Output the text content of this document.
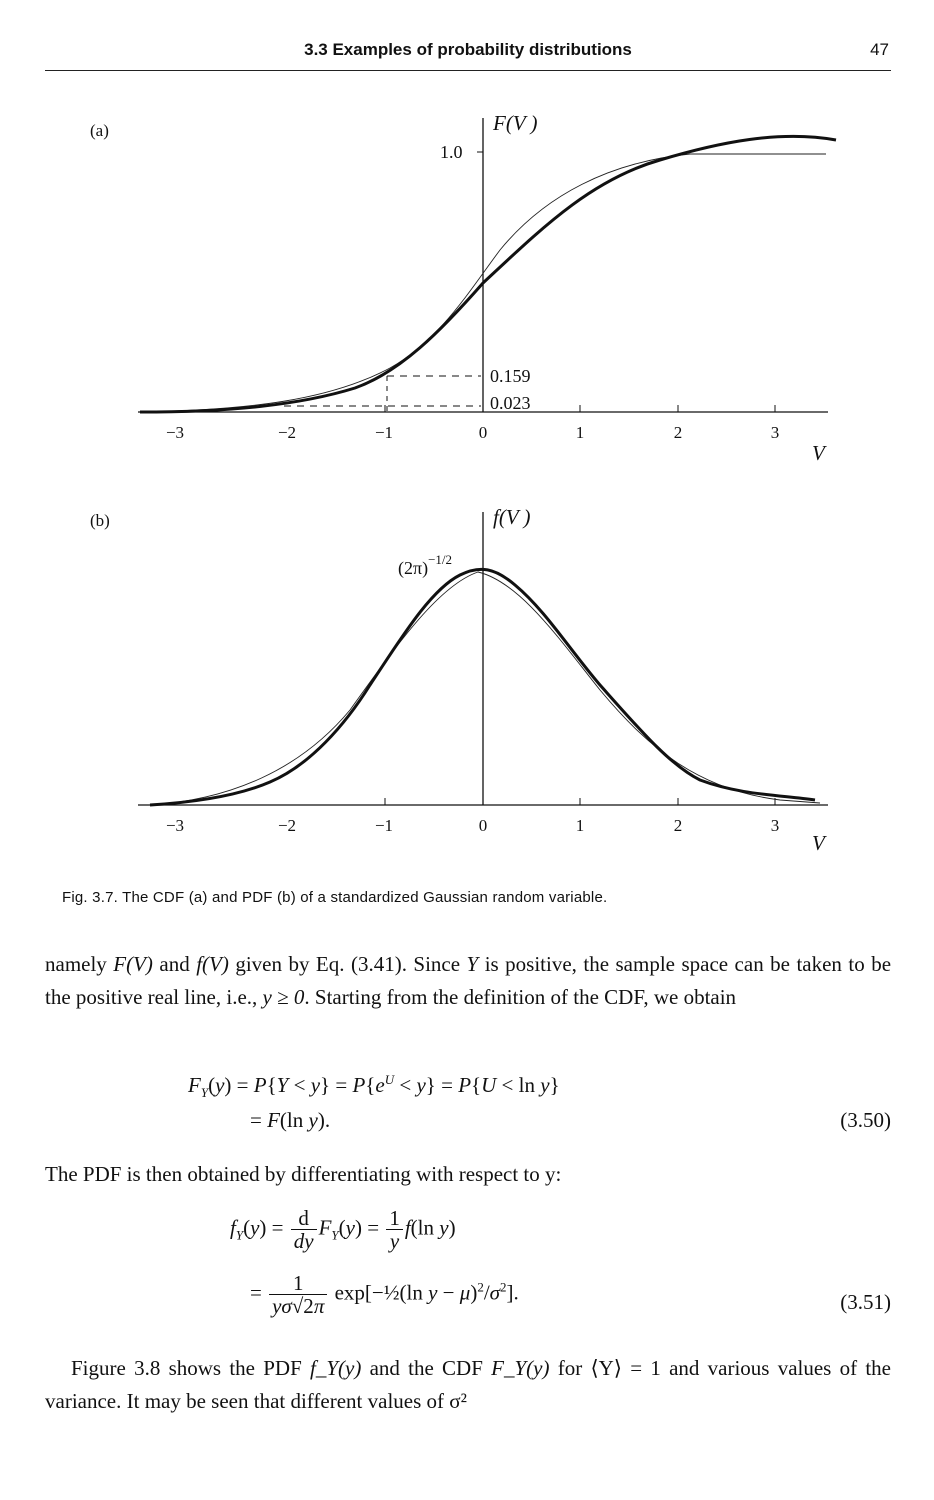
3.3 Examples of probability distributions	47
(a)	F(V )
1.0
0.159
0.023
−3	−2	−1	0	1	2	3
V
(b)	f(V )
$(2\pi)^{-1/2}$
−3	−2	−1	0	1	2	3
V
Fig. 3.7. The CDF (a) and PDF (b) of a standardized Gaussian random variable.
namely F(V) and f(V) given by Eq. (3.41). Since Y is positive, the sample space can be taken to be the positive real line, i.e., y ≥ 0. Starting from the definition of the CDF, we obtain
$F_Y(y) = P\{Y < y\} = P\{e^U < y\} = P\{U < \ln y\}$
= F(ln y).	(3.50)
The PDF is then obtained by differentiating with respect to y:
$f_Y(y) = \frac{d}{dy} F_Y(y) = \frac{1}{y} f(\ln$ y)
= $\frac{1}{y\sigma√2\pi}$ exp[−½(ln $y - \mu)^2/\sigma^2$].	(3.51)
Figure 3.8 shows the PDF f_Y(y) and the CDF F_Y(y) for ⟨Y⟩ = 1 and various values of the variance. It may be seen that different values of σ²
